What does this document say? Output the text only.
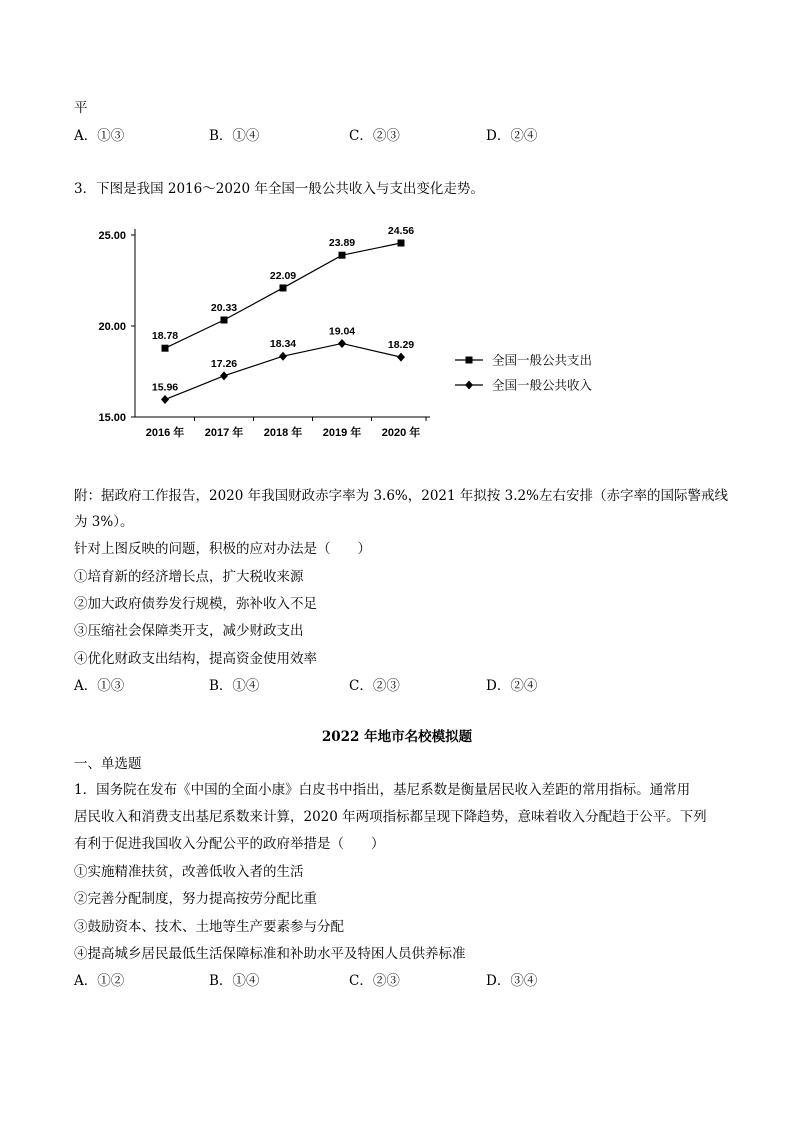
平
A．①③	B．①④	C．②③	D．②④
3．下图是我国 2016～2020 年全国一般公共收入与支出变化走势。
15.00
20.00
25.00
2016 年 2017 年 2018 年 2019 年 2020 年
18.78
20.33
22.09
23.89
24.56
15.96
17.26
18.34
19.04
18.29
全国一般公共支出
全国一般公共收入
附：据政府工作报告，2020 年我国财政赤字率为 3.6%，2021 年拟按 3.2%左右安排（赤字率的国际警戒线
为 3%）。
针对上图反映的问题，积极的应对办法是（　　）
①培育新的经济增长点，扩大税收来源
②加大政府债券发行规模，弥补收入不足
③压缩社会保障类开支，减少财政支出
④优化财政支出结构，提高资金使用效率
A．①③	B．①④	C．②③	D．②④
2022 年地市名校模拟题
一、单选题
1．国务院在发布《中国的全面小康》白皮书中指出，基尼系数是衡量居民收入差距的常用指标。通常用
居民收入和消费支出基尼系数来计算，2020 年两项指标都呈现下降趋势，意味着收入分配趋于公平。下列
有利于促进我国收入分配公平的政府举措是（　　）
①实施精准扶贫，改善低收入者的生活
②完善分配制度，努力提高按劳分配比重
③鼓励资本、技术、土地等生产要素参与分配
④提高城乡居民最低生活保障标准和补助水平及特困人员供养标准
A．①②	B．①④	C．②③	D．③④
